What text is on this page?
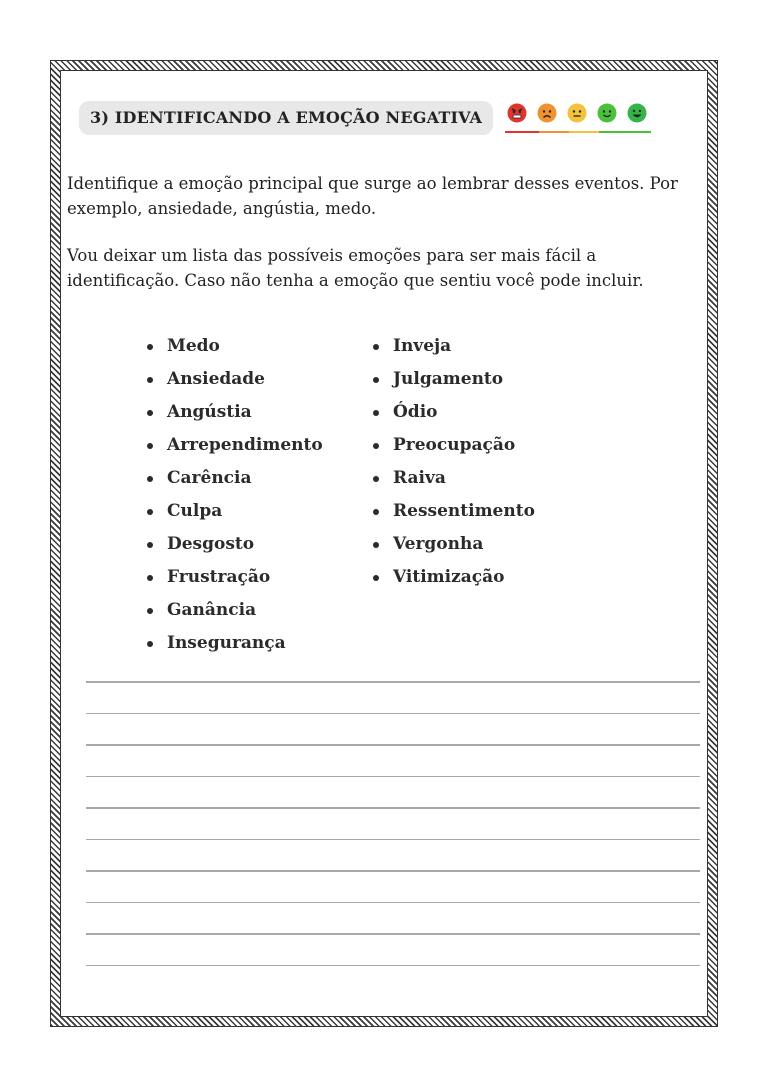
3) IDENTIFICANDO A EMOÇÃO NEGATIVA

Identifique a emoção principal que surge ao lembrar desses eventos. Por exemplo, ansiedade, angústia, medo.

Vou deixar um lista das possíveis emoções para ser mais fácil a identificação. Caso não tenha a emoção que sentiu você pode incluir.

Medo
Ansiedade
Angústia
Arrependimento
Carência
Culpa
Desgosto
Frustração
Ganância
Insegurança
Inveja
Julgamento
Ódio
Preocupação
Raiva
Ressentimento
Vergonha
Vitimização
